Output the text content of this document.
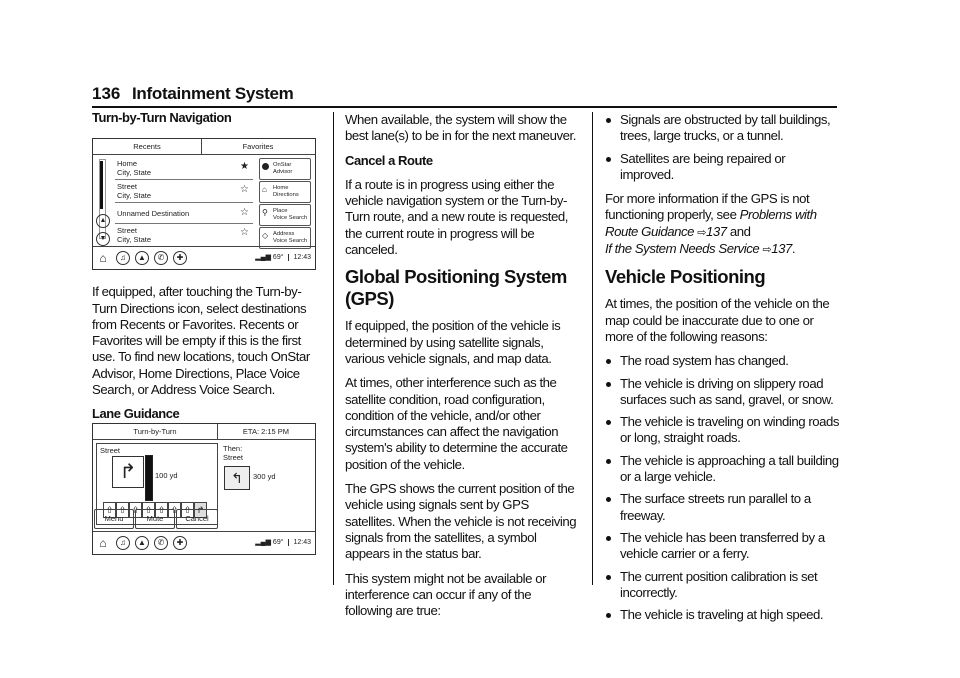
136 Infotainment System
Turn-by-Turn Navigation

If equipped, after touching the Turn-by-Turn Directions icon, select destinations from Recents or Favorites. Recents or Favorites will be empty if this is the first use. To find new locations, touch OnStar Advisor, Home Directions, Place Voice Search, or Address Voice Search.

Lane Guidance
Recents	Favorites
▲
▼
Home
City, State
★
Street
City, State
☆
Unnamed Destination	☆
Street
City, State
☆
OnStar
Advisor
⌂	Home
Directions
⚲ Place
Voice Search
◇ Address
Voice Search
⌂	♫	▲	✆	✚	▂▄▆ 69° 12:43
Turn-by-Turn	ETA: 2:15 PM
Street
↱	100 yd
⇧ ⇧ ⇧ ⇧ ⇧ ⇧ ⇧ ↱
Then:
Street
↰	300 yd
Menu	Mute	Cancel
⌂	♫	▲	✆	✚	▂▄▆ 69° 12:43

When available, the system will show the best lane(s) to be in for the next maneuver.

Cancel a Route

If a route is in progress using either the vehicle navigation system or the Turn-by-Turn route, and a new route is requested, the current route in progress will be canceled.

Global Positioning System (GPS)

If equipped, the position of the vehicle is determined by using satellite signals, various vehicle signals, and map data.

At times, other interference such as the satellite condition, road configuration, condition of the vehicle, and/or other circumstances can affect the navigation system's ability to determine the accurate position of the vehicle.

The GPS shows the current position of the vehicle using signals sent by GPS satellites. When the vehicle is not receiving signals from the satellites, a symbol appears in the status bar.

This system might not be available or interference can occur if any of the following are true:

Signals are obstructed by tall buildings, trees, large trucks, or a tunnel.
Satellites are being repaired or improved.

For more information if the GPS is not functioning properly, see Problems with Route Guidance ⇨137 and
If the System Needs Service ⇨137.

Vehicle Positioning

At times, the position of the vehicle on the map could be inaccurate due to one or more of the following reasons:

The road system has changed.
The vehicle is driving on slippery road surfaces such as sand, gravel, or snow.
The vehicle is traveling on winding roads or long, straight roads.
The vehicle is approaching a tall building or a large vehicle.
The surface streets run parallel to a freeway.
The vehicle has been transferred by a vehicle carrier or a ferry.
The current position calibration is set incorrectly.
The vehicle is traveling at high speed.
